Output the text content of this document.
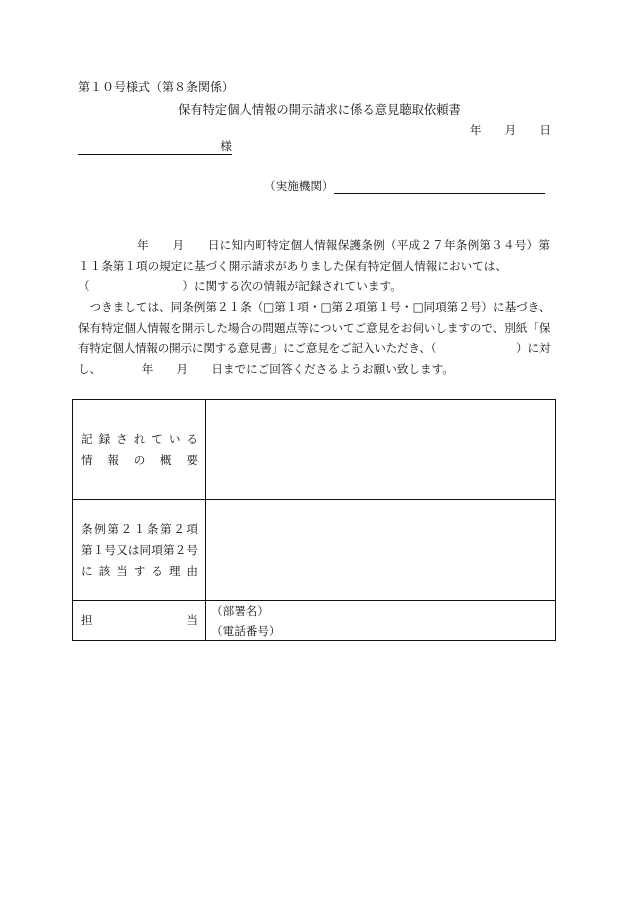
第１０号様式（第８条関係）
保有特定個人情報の開示請求に係る意見聴取依頼書
年　　月　　日
様
（実施機関）
　　　　　年　　月　　日に知内町特定個人情報保護条例（平成２７年条例第３４号）第
１１条第１項の規定に基づく開示請求がありました保有特定個人情報においては、
（　　　　　　　　）に関する次の情報が記録されています。
　つきましては、同条例第２１条（□第１項・□第２項第１号・□同項第２号）に基づき、
保有特定個人情報を開示した場合の問題点等についてご意見をお伺いしますので、別紙「保
有特定個人情報の開示に関する意見書」にご意見をご記入いただき、（　　　　　　　）に対
し、　　　　年　　月　　日までにご回答くださるようお願い致します。
記録されている
情報の概要
条例第２１条第２項
第１号又は同項第２号
に該当する理由
担当
（部署名）
（電話番号）
